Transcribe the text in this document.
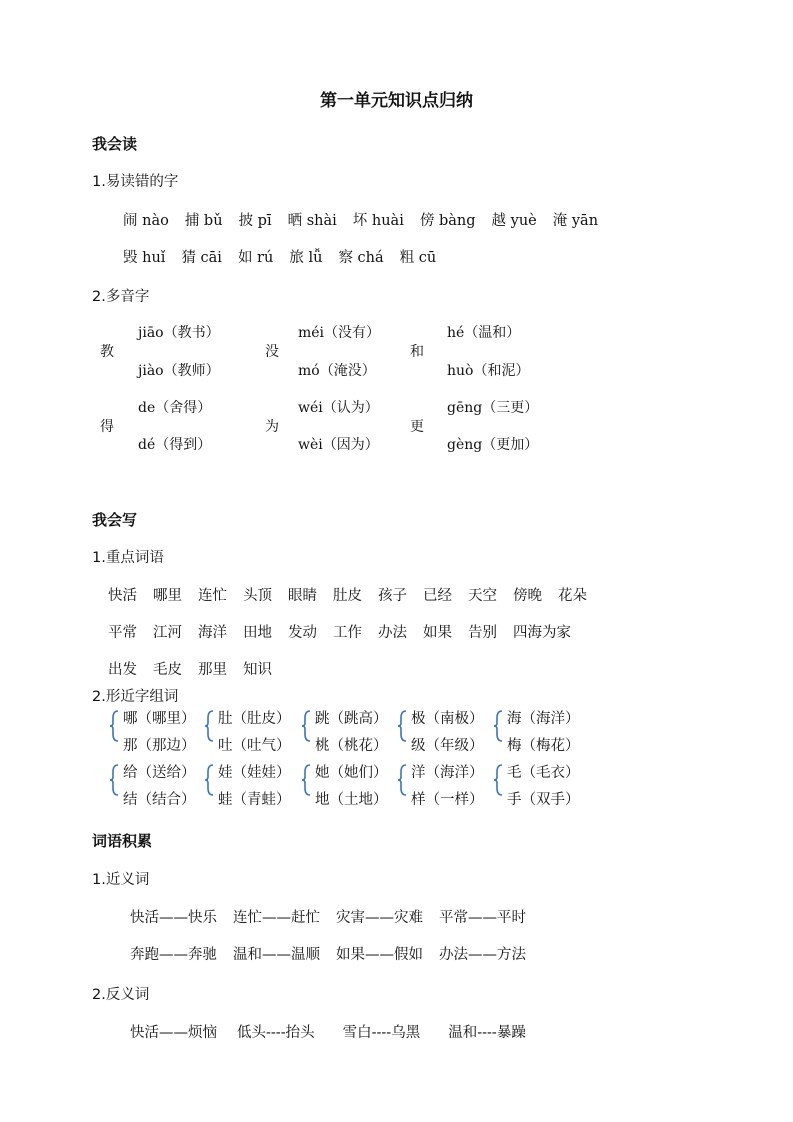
第一单元知识点归纳
我会读
1.易读错的字
闹 nào 捕 bǔ 披 pī 晒 shài 坏 huài 傍 bàng 越 yuè 淹 yān
毁 huǐ 猜 cāi 如 rú 旅 lǚ 察 chá 粗 cū
2.多音字
教
jiāo（教书）
jiào（教师）
没
méi（没有）
mó（淹没）
和
hé（温和）
huò（和泥）
得
de（舍得）
dé（得到）
为
wéi（认为）
wèi（因为）
更
gēng（三更）
gèng（更加）
我会写
1.重点词语
快活 哪里 连忙 头顶 眼睛 肚皮 孩子 已经 天空 傍晚 花朵
平常 江河 海洋 田地 发动 工作 办法 如果 告别 四海为家
出发 毛皮 那里 知识
2.形近字组词
哪（哪里）
那（那边）
肚（肚皮）
吐（吐气）
跳（跳高）
桃（桃花）
极（南极）
级（年级）
海（海洋）
梅（梅花）
给（送给）
结（结合）
娃（娃娃）
蛙（青蛙）
她（她们）
地（土地）
洋（海洋）
样（一样）
毛（毛衣）
手（双手）
词语积累
1.近义词
快活——快乐 连忙——赶忙 灾害——灾难 平常——平时
奔跑——奔驰 温和——温顺 如果——假如 办法——方法
2.反义词
快活——烦恼 低头----抬头 雪白----乌黑 温和----暴躁
